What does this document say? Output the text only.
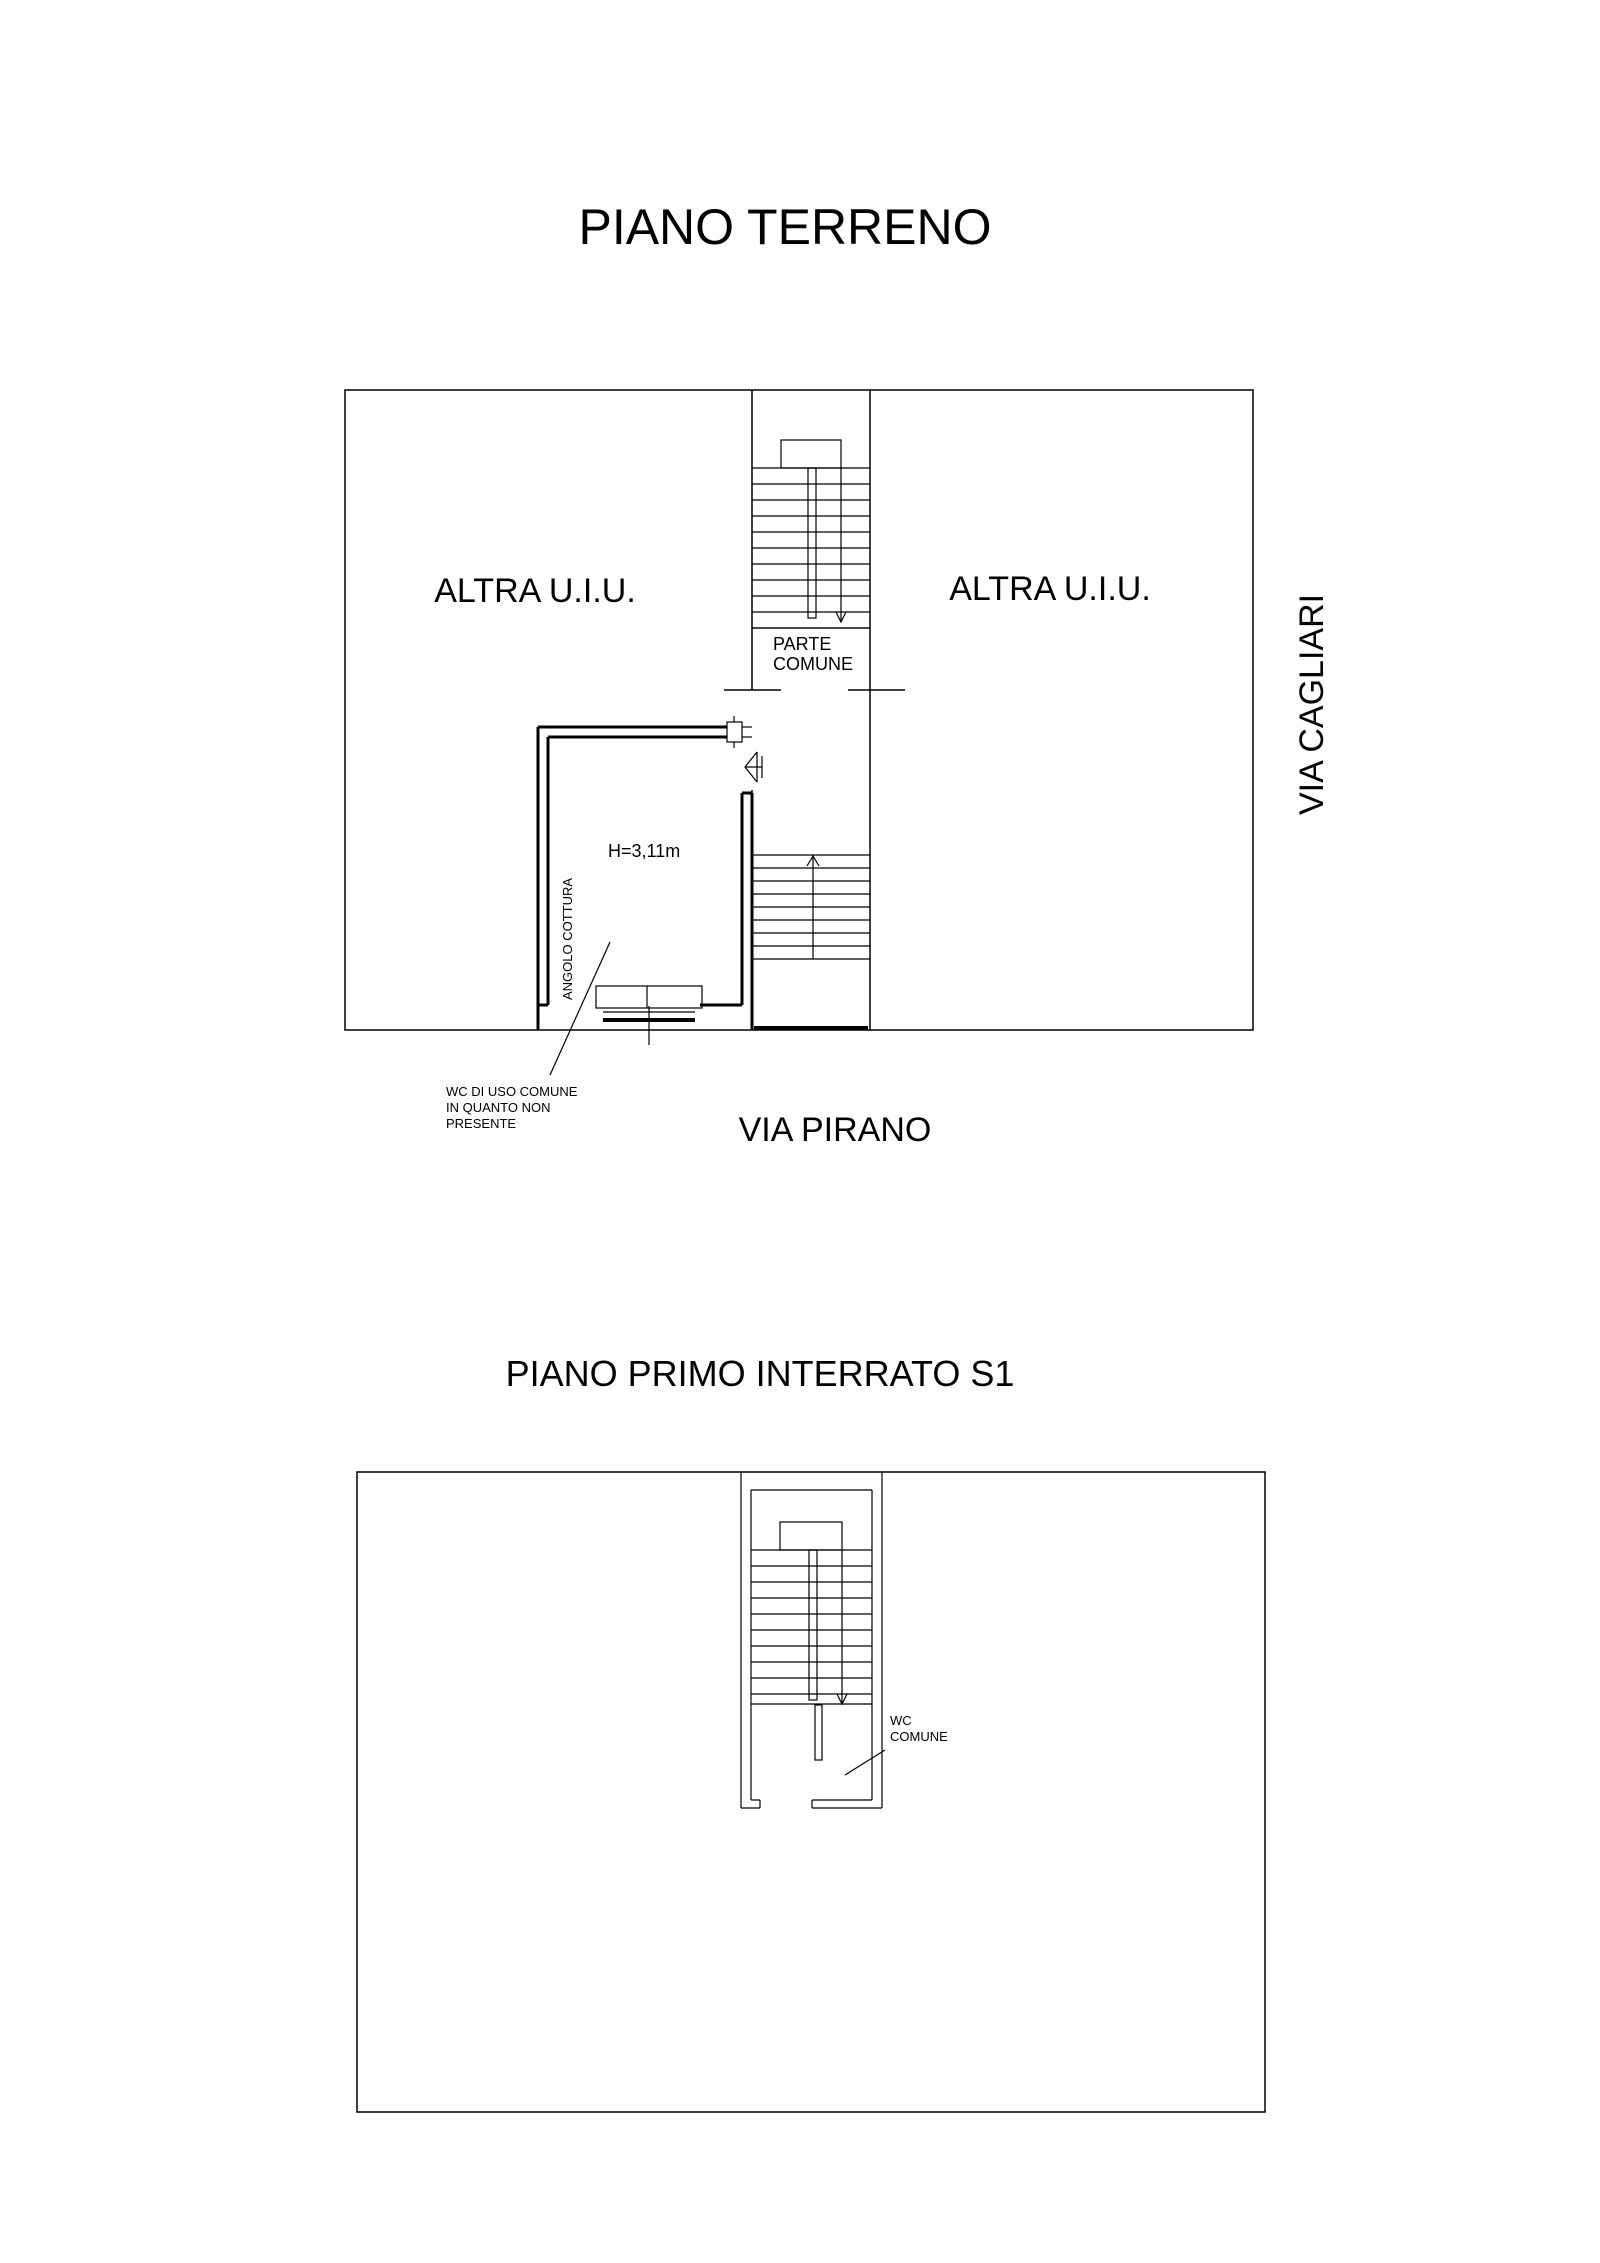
PIANO TERRENO
PARTE
COMUNE
ALTRA U.I.U.	ALTRA U.I.U.
H=3,11m
ANGOLO COTTURA
WC DI USO COMUNE
IN QUANTO NON
PRESENTE	VIA PIRANO
VIA CAGLIARI
PIANO PRIMO INTERRATO S1
WC
COMUNE
